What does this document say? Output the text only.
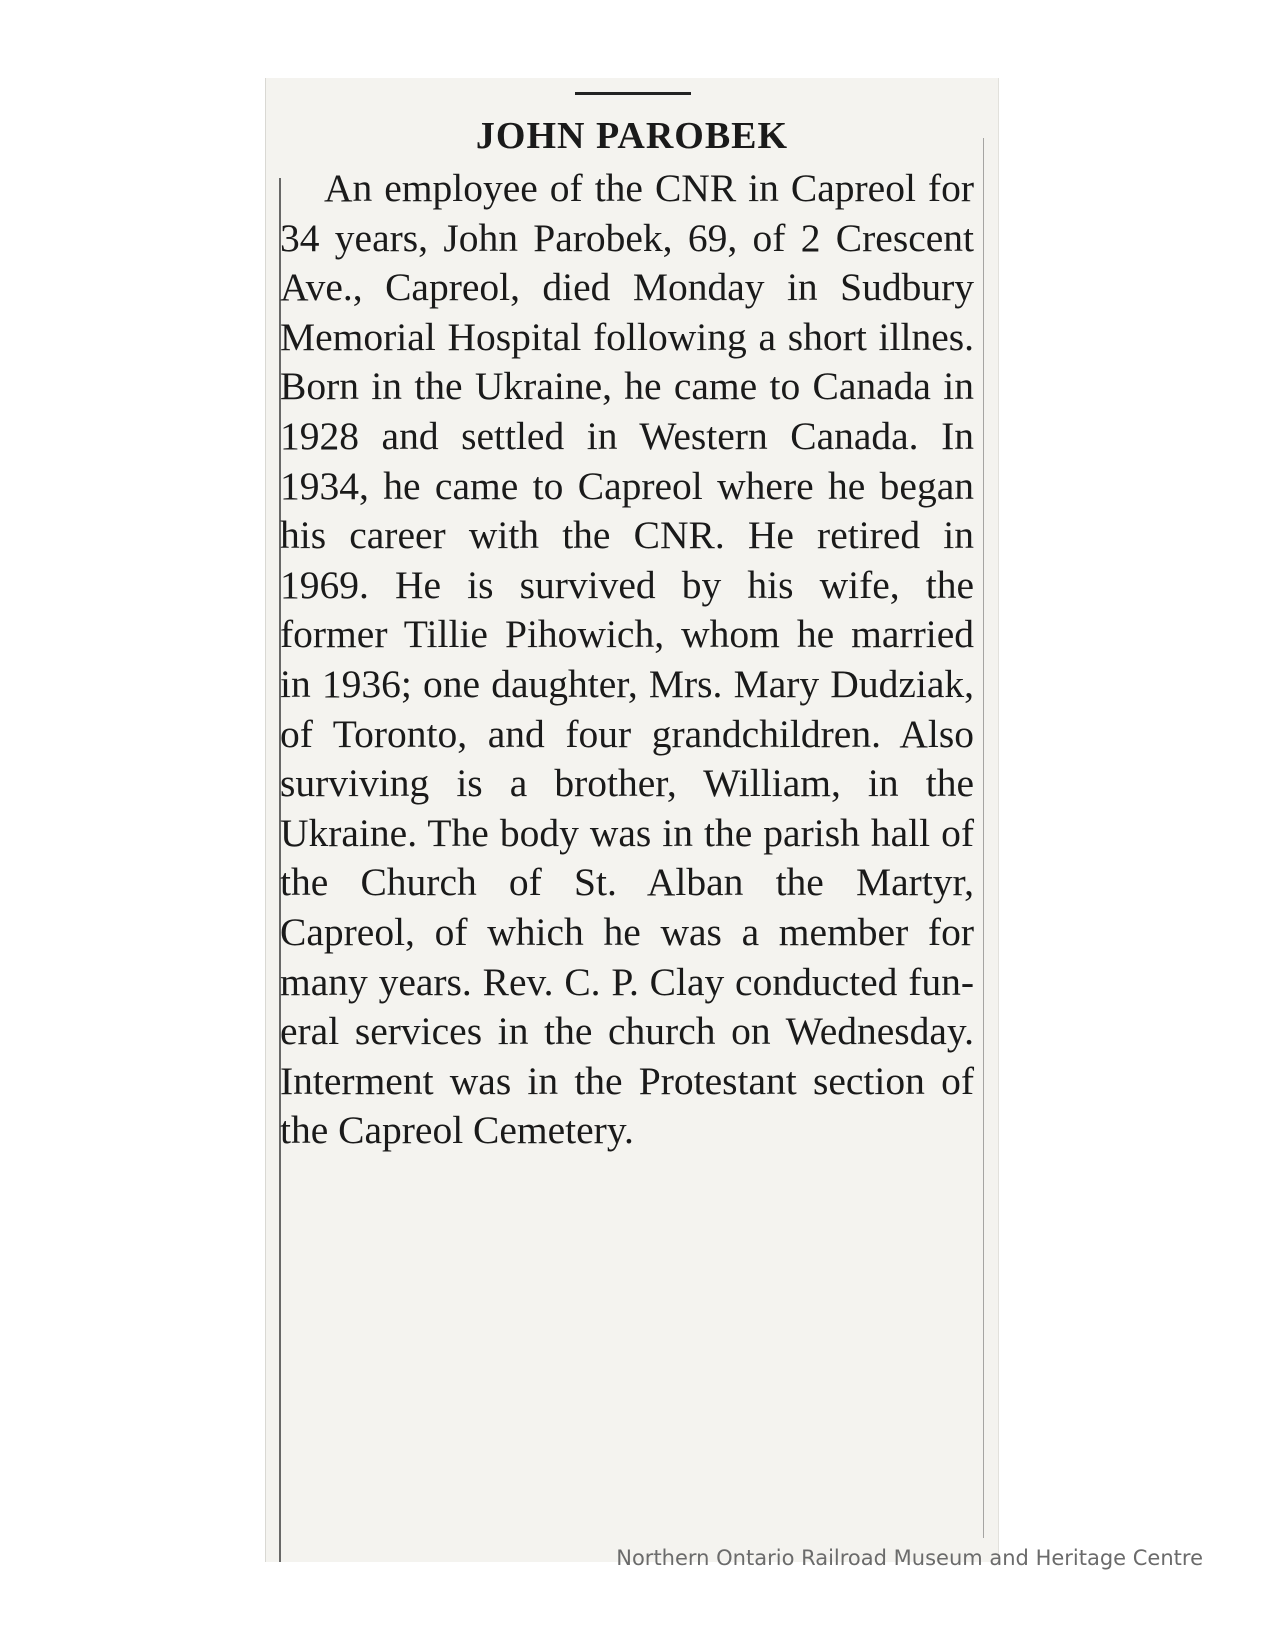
JOHN PAROBEK

An employee of the CNR in Capreol for 34 years, John Parobek, 69, of 2 Crescent Ave., Capreol, died Monday in Sudbury Memorial Hospital following a short illnes. Born in the Ukraine, he came to Canada in 1928 and settled in Western Canada. In 1934, he came to Capreol where he began his career with the CNR. He retired in 1969. He is survived by his wife, the former Tillie Pihowich, whom he married in 1936; one daughter, Mrs. Mary Dudziak, of Toronto, and four grandchildren. Also surviving is a brother, William, in the Ukraine. The body was in the parish hall of the Church of St. Alban the Martyr, Capreol, of which he was a member for many years. Rev. C. P. Clay conducted funeral services in the church on Wednesday. Interment was in the Protestant section of the Capreol Cemetery.

Northern Ontario Railroad Museum and Heritage Centre
